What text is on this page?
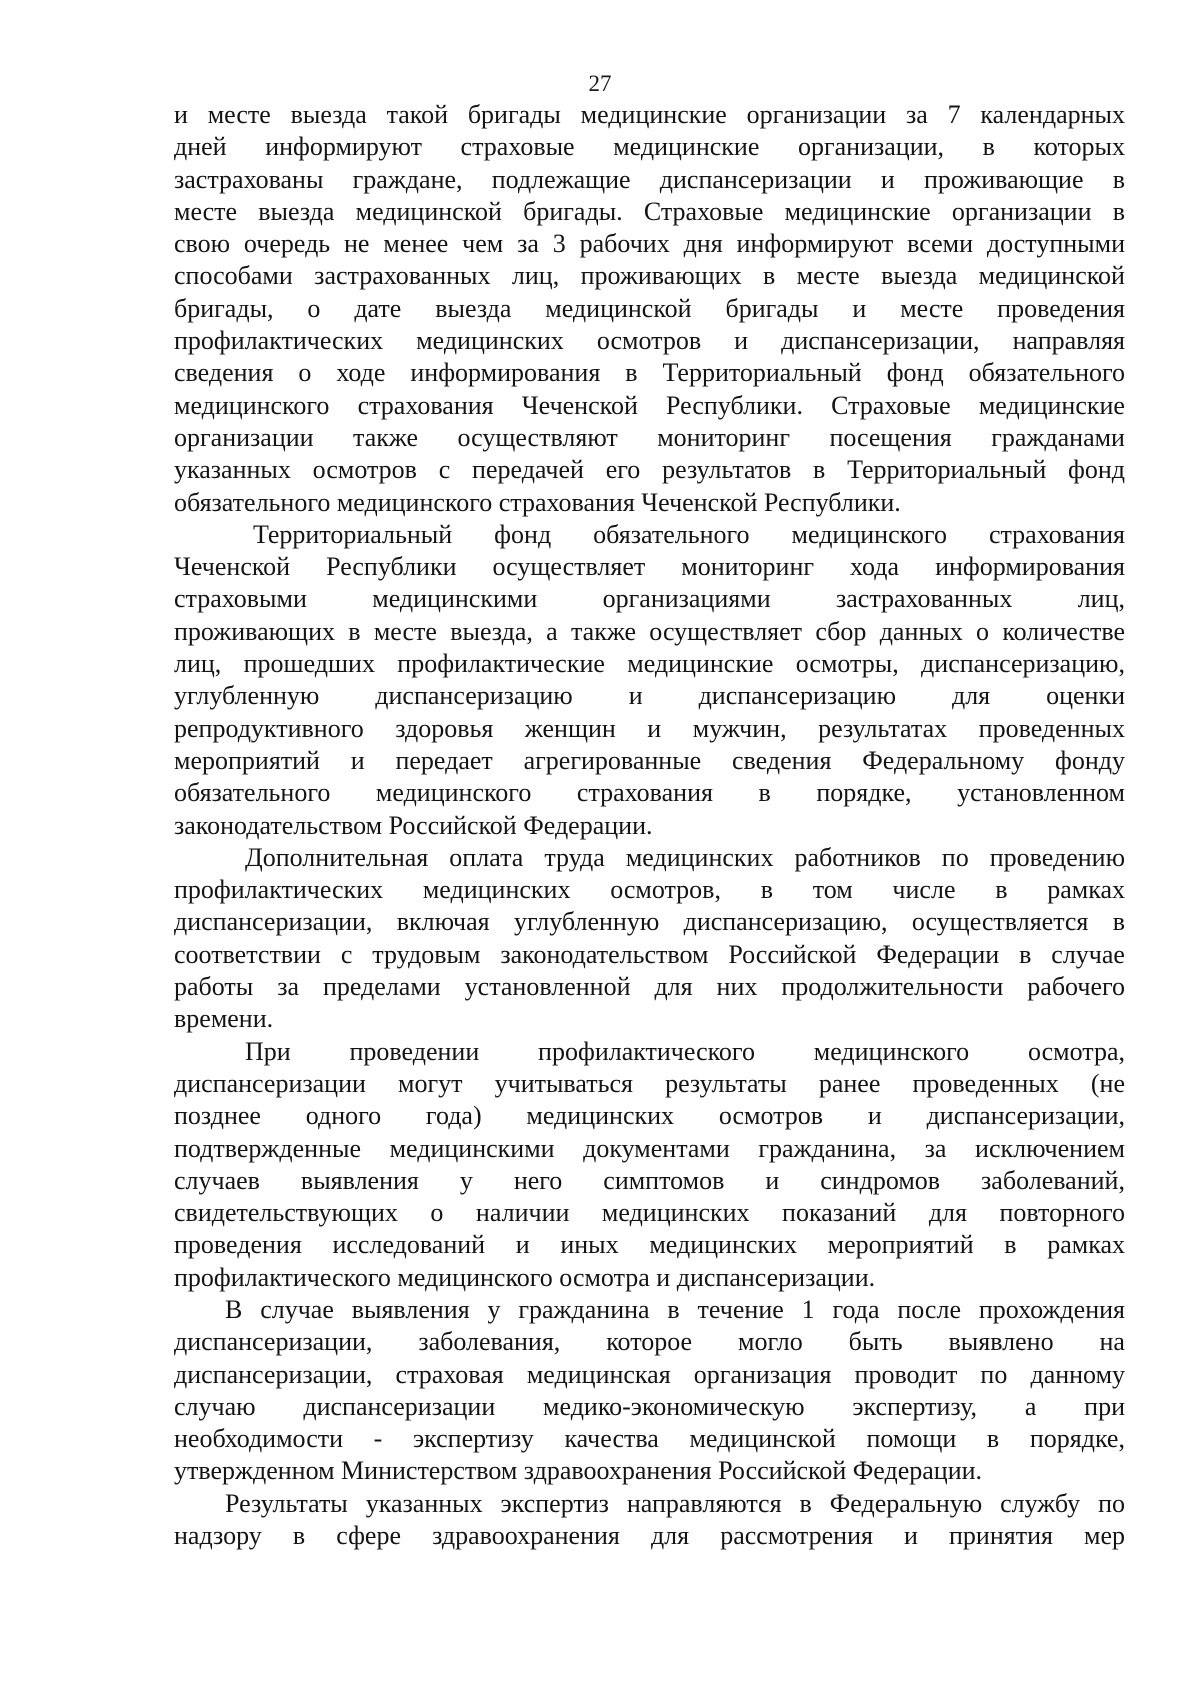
27
и месте выезда такой бригады медицинские организации за 7 календарных
дней информируют страховые медицинские организации, в которых
застрахованы граждане, подлежащие диспансеризации и проживающие в
месте выезда медицинской бригады. Страховые медицинские организации в
свою очередь не менее чем за 3 рабочих дня информируют всеми доступными
способами застрахованных лиц, проживающих в месте выезда медицинской
бригады, о дате выезда медицинской бригады и месте проведения
профилактических медицинских осмотров и диспансеризации, направляя
сведения о ходе информирования в Территориальный фонд обязательного
медицинского страхования Чеченской Республики. Страховые медицинские
организации также осуществляют мониторинг посещения гражданами
указанных осмотров с передачей его результатов в Территориальный фонд
обязательного медицинского страхования Чеченской Республики.
Территориальный фонд обязательного медицинского страхования
Чеченской Республики осуществляет мониторинг хода информирования
страховыми медицинскими организациями застрахованных лиц,
проживающих в месте выезда, а также осуществляет сбор данных о количестве
лиц, прошедших профилактические медицинские осмотры, диспансеризацию,
углубленную диспансеризацию и диспансеризацию для оценки
репродуктивного здоровья женщин и мужчин, результатах проведенных
мероприятий и передает агрегированные сведения Федеральному фонду
обязательного медицинского страхования в порядке, установленном
законодательством Российской Федерации.
Дополнительная оплата труда медицинских работников по проведению
профилактических медицинских осмотров, в том числе в рамках
диспансеризации, включая углубленную диспансеризацию, осуществляется в
соответствии с трудовым законодательством Российской Федерации в случае
работы за пределами установленной для них продолжительности рабочего
времени.
При проведении профилактического медицинского осмотра,
диспансеризации могут учитываться результаты ранее проведенных (не
позднее одного года) медицинских осмотров и диспансеризации,
подтвержденные медицинскими документами гражданина, за исключением
случаев выявления у него симптомов и синдромов заболеваний,
свидетельствующих о наличии медицинских показаний для повторного
проведения исследований и иных медицинских мероприятий в рамках
профилактического медицинского осмотра и диспансеризации.
В случае выявления у гражданина в течение 1 года после прохождения
диспансеризации, заболевания, которое могло быть выявлено на
диспансеризации, страховая медицинская организация проводит по данному
случаю диспансеризации медико-экономическую экспертизу, а при
необходимости - экспертизу качества медицинской помощи в порядке,
утвержденном Министерством здравоохранения Российской Федерации.
Результаты указанных экспертиз направляются в Федеральную службу по
надзору в сфере здравоохранения для рассмотрения и принятия мер
